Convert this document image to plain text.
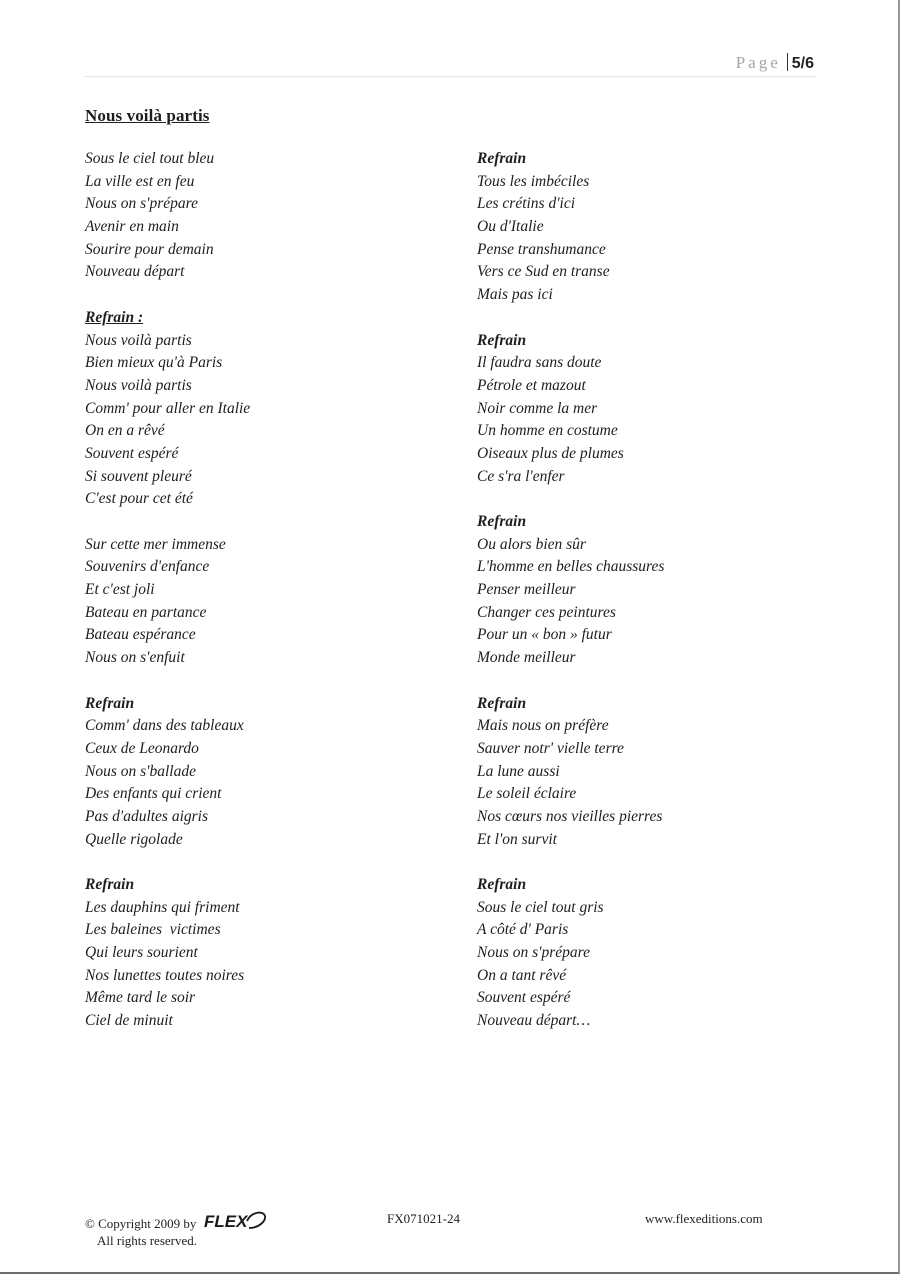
Page 5/6
Nous voilà partis
Sous le ciel tout bleu
La ville est en feu
Nous on s'prépare
Avenir en main
Sourire pour demain
Nouveau départ
Refrain :
Nous voilà partis
Bien mieux qu'à Paris
Nous voilà partis
Comm' pour aller en Italie
On en a rêvé
Souvent espéré
Si souvent pleuré
C'est pour cet été
Sur cette mer immense
Souvenirs d'enfance
Et c'est joli
Bateau en partance
Bateau espérance
Nous on s'enfuit
Refrain
Comm' dans des tableaux
Ceux de Leonardo
Nous on s'ballade
Des enfants qui crient
Pas d'adultes aigris
Quelle rigolade
Refrain
Les dauphins qui friment
Les baleines  victimes
Qui leurs sourient
Nos lunettes toutes noires
Même tard le soir
Ciel de minuit
Refrain
Tous les imbéciles
Les crétins d'ici
Ou d'Italie
Pense transhumance
Vers ce Sud en transe
Mais pas ici
Refrain
Il faudra sans doute
Pétrole et mazout
Noir comme la mer
Un homme en costume
Oiseaux plus de plumes
Ce s'ra l'enfer
Refrain
Ou alors bien sûr
L'homme en belles chaussures
Penser meilleur
Changer ces peintures
Pour un « bon » futur
Monde meilleur
Refrain
Mais nous on préfère
Sauver notr' vielle terre
La lune aussi
Le soleil éclaire
Nos cœurs nos vieilles pierres
Et l'on survit
Refrain
Sous le ciel tout gris
A côté d' Paris
Nous on s'prépare
On a tant rêvé
Souvent espéré
Nouveau départ…
© Copyright 2009 by FLEX
All rights reserved.
FX071021-24	www.flexeditions.com
